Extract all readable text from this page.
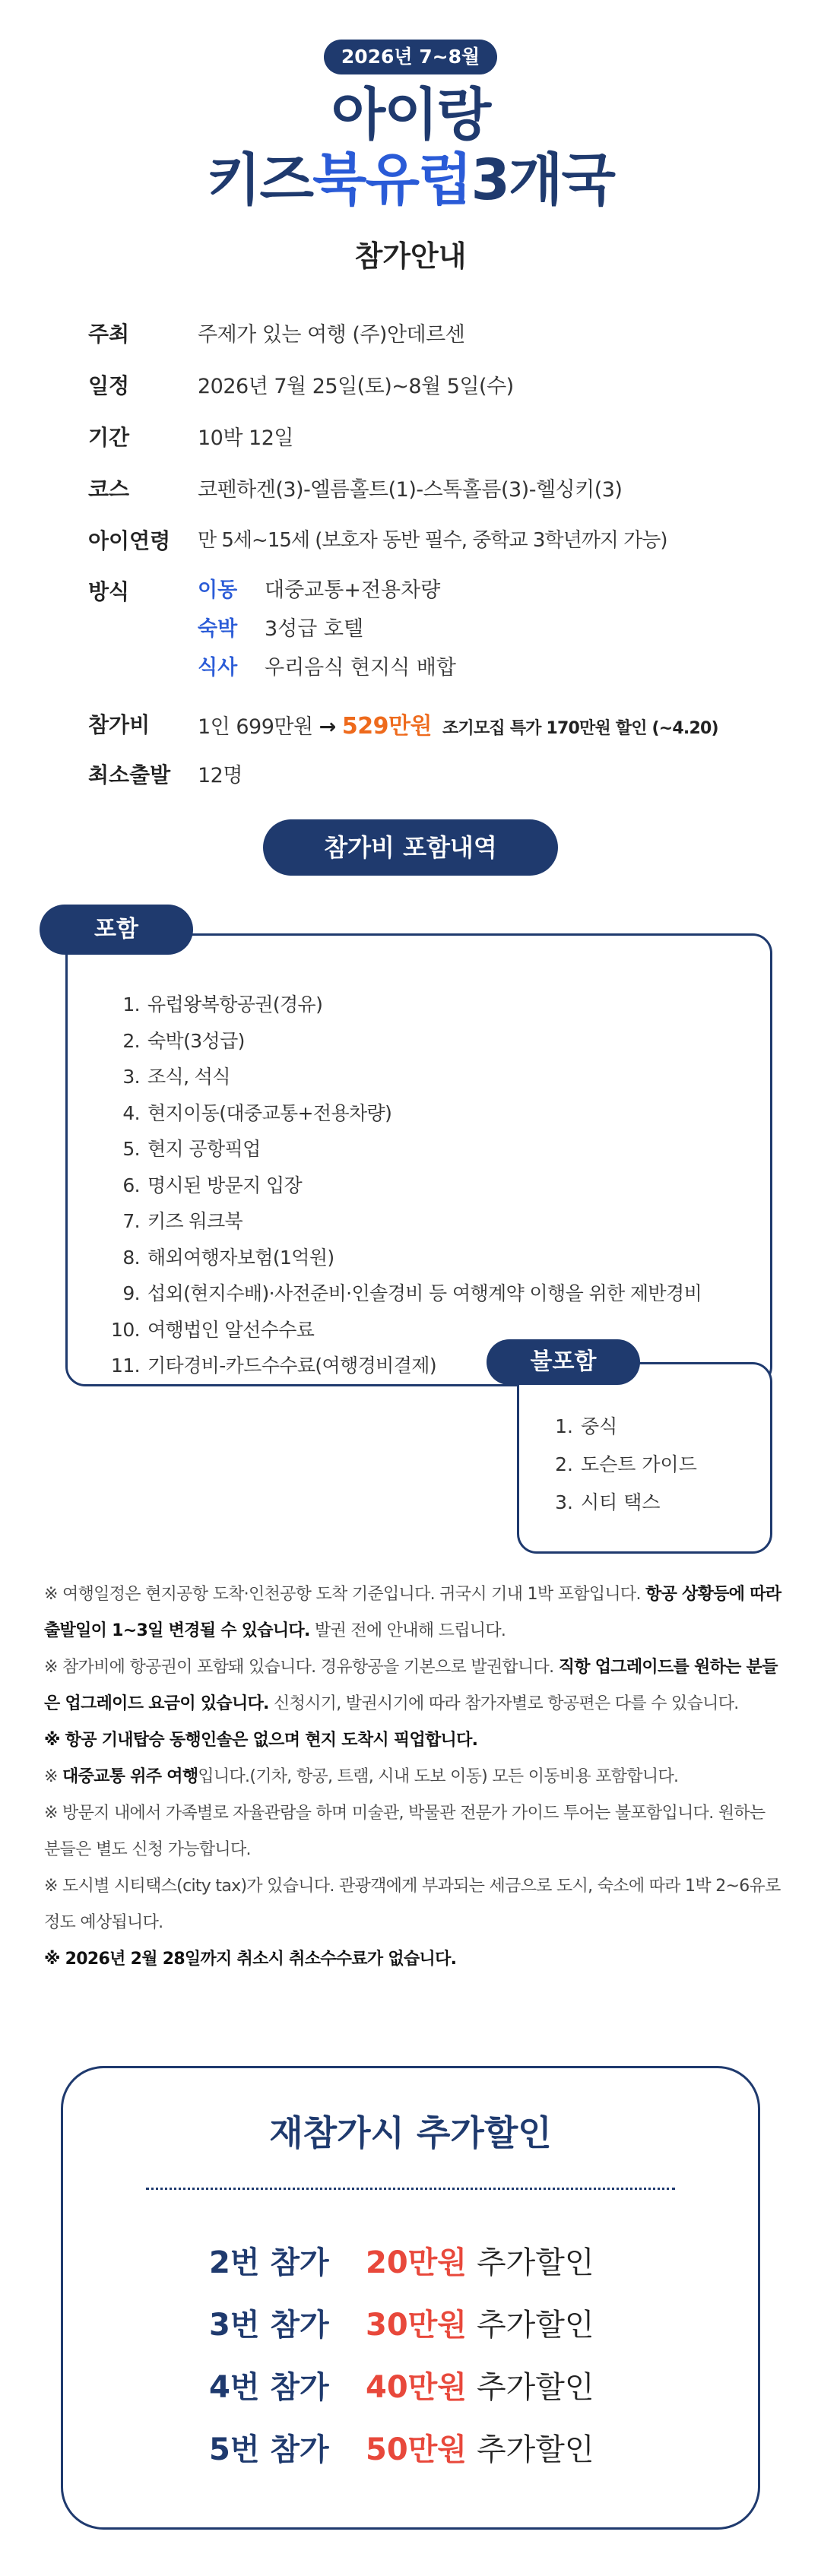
2026년 7~8월
아이랑
키즈북유럽3개국
참가안내
주최	주제가 있는 여행 (주)안데르센
일정	2026년 7월 25일(토)~8월 5일(수)
기간	10박 12일
코스	코펜하겐(3)-엘름홀트(1)-스톡홀름(3)-헬싱키(3)
아이연령	만 5세~15세 (보호자 동반 필수, 중학교 3학년까지 가능)
방식	이동	대중교통+전용차량
숙박	3성급 호텔
식사	우리음식 현지식 배합
참가비	1인 699만원 → 529만원 조기모집 특가 170만원 할인 (~4.20)
최소출발	12명
참가비 포함내역
포함
1. 유럽왕복항공권(경유)
2. 숙박(3성급)
3. 조식, 석식
4. 현지이동(대중교통+전용차량)
5. 현지 공항픽업
6. 명시된 방문지 입장
7. 키즈 워크북
8. 해외여행자보험(1억원)
9. 섭외(현지수배)·사전준비·인솔경비 등 여행계약 이행을 위한 제반경비
10. 여행법인 알선수수료
11. 기타경비-카드수수료(여행경비결제)	불포함
1. 중식
2. 도슨트 가이드
3. 시티 택스

※ 여행일정은 현지공항 도착·인천공항 도착 기준입니다. 귀국시 기내 1박 포함입니다. 항공 상황등에 따라 출발일이 1~3일 변경될 수 있습니다. 발권 전에 안내해 드립니다.

※ 참가비에 항공권이 포함돼 있습니다. 경유항공을 기본으로 발권합니다. 직항 업그레이드를 원하는 분들은 업그레이드 요금이 있습니다. 신청시기, 발권시기에 따라 참가자별로 항공편은 다를 수 있습니다.

※ 항공 기내탑승 동행인솔은 없으며 현지 도착시 픽업합니다.

※ 대중교통 위주 여행입니다.(기차, 항공, 트램, 시내 도보 이동) 모든 이동비용 포함합니다.

※ 방문지 내에서 가족별로 자율관람을 하며 미술관, 박물관 전문가 가이드 투어는 불포함입니다. 원하는 분들은 별도 신청 가능합니다.

※ 도시별 시티택스(city tax)가 있습니다. 관광객에게 부과되는 세금으로 도시, 숙소에 따라 1박 2~6유로 정도 예상됩니다.

※ 2026년 2월 28일까지 취소시 취소수수료가 없습니다.

재참가시 추가할인
2번 참가	20만원 추가할인
3번 참가	30만원 추가할인
4번 참가	40만원 추가할인
5번 참가	50만원 추가할인
